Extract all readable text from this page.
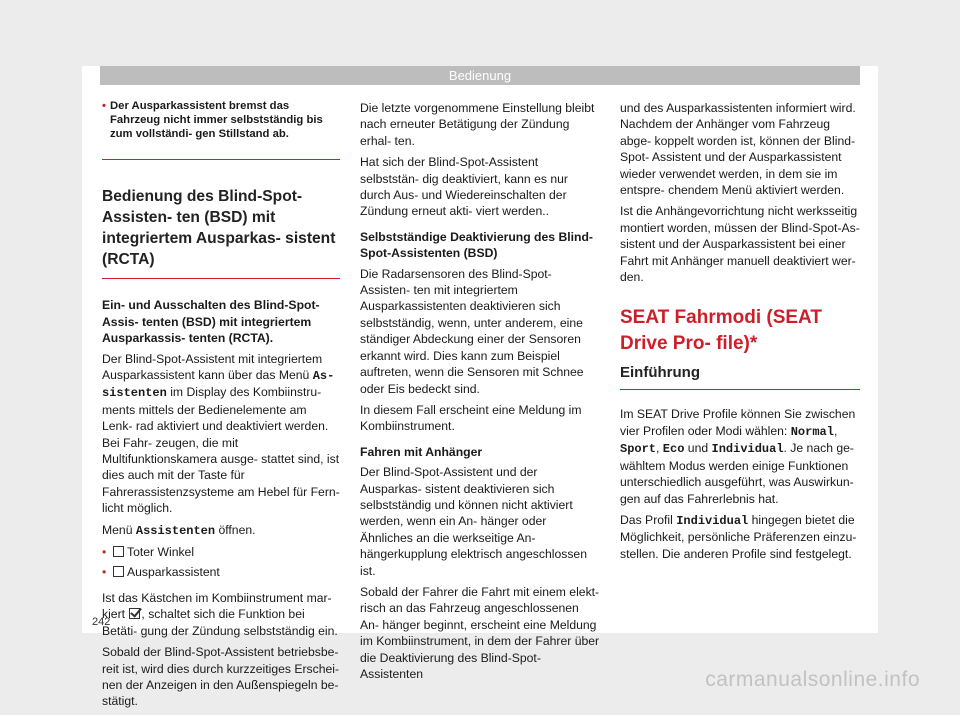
Bedienung
• Der Ausparkassistent bremst das Fahrzeug nicht immer selbstständig bis zum vollständi- gen Stillstand ab.
Bedienung des Blind-Spot-Assisten- ten (BSD) mit integriertem Ausparkas- sistent (RCTA)

Ein- und Ausschalten des Blind-Spot-Assis- tenten (BSD) mit integriertem Ausparkassis- tenten (RCTA).

Der Blind-Spot-Assistent mit integriertem Ausparkassistent kann über das Menü As- sistenten im Display des Kombiinstru- ments mittels der Bedienelemente am Lenk- rad aktiviert und deaktiviert werden. Bei Fahr- zeugen, die mit Multifunktionskamera ausge- stattet sind, ist dies auch mit der Taste für Fahrerassistenzsysteme am Hebel für Fern- licht möglich.

Menü Assistenten öffnen.

• Toter Winkel
• Ausparkassistent

Ist das Kästchen im Kombiinstrument mar- kiert , schaltet sich die Funktion bei Betäti- gung der Zündung selbstständig ein.

Sobald der Blind-Spot-Assistent betriebsbe- reit ist, wird dies durch kurzzeitiges Erschei- nen der Anzeigen in den Außenspiegeln be- stätigt.

Die letzte vorgenommene Einstellung bleibt nach erneuter Betätigung der Zündung erhal- ten.

Hat sich der Blind-Spot-Assistent selbststän- dig deaktiviert, kann es nur durch Aus- und Wiedereinschalten der Zündung erneut akti- viert werden..

Selbstständige Deaktivierung des Blind- Spot-Assistenten (BSD)

Die Radarsensoren des Blind-Spot-Assisten- ten mit integriertem Ausparkassistenten deaktivieren sich selbstständig, wenn, unter anderem, eine ständiger Abdeckung einer der Sensoren erkannt wird. Dies kann zum Beispiel auftreten, wenn die Sensoren mit Schnee oder Eis bedeckt sind.

In diesem Fall erscheint eine Meldung im Kombiinstrument.

Fahren mit Anhänger

Der Blind-Spot-Assistent und der Ausparkas- sistent deaktivieren sich selbstständig und können nicht aktiviert werden, wenn ein An- hänger oder Ähnliches an die werkseitige An- hängerkupplung elektrisch angeschlossen ist.

Sobald der Fahrer die Fahrt mit einem elekt- risch an das Fahrzeug angeschlossenen An- hänger beginnt, erscheint eine Meldung im Kombiinstrument, in dem der Fahrer über die Deaktivierung des Blind-Spot-Assistenten

und des Ausparkassistenten informiert wird. Nachdem der Anhänger vom Fahrzeug abge- koppelt worden ist, können der Blind-Spot- Assistent und der Ausparkassistent wieder verwendet werden, in dem sie im entspre- chendem Menü aktiviert werden.

Ist die Anhängevorrichtung nicht werksseitig montiert worden, müssen der Blind-Spot-As- sistent und der Ausparkassistent bei einer Fahrt mit Anhänger manuell deaktiviert wer- den.

SEAT Fahrmodi (SEAT Drive Pro- file)*
Einführung

Im SEAT Drive Profile können Sie zwischen vier Profilen oder Modi wählen: Normal, Sport, Eco und Individual. Je nach ge- wähltem Modus werden einige Funktionen unterschiedlich ausgeführt, was Auswirkun- gen auf das Fahrerlebnis hat.

Das Profil Individual hingegen bietet die Möglichkeit, persönliche Präferenzen einzu- stellen. Die anderen Profile sind festgelegt.

242
carmanualsonline.info
